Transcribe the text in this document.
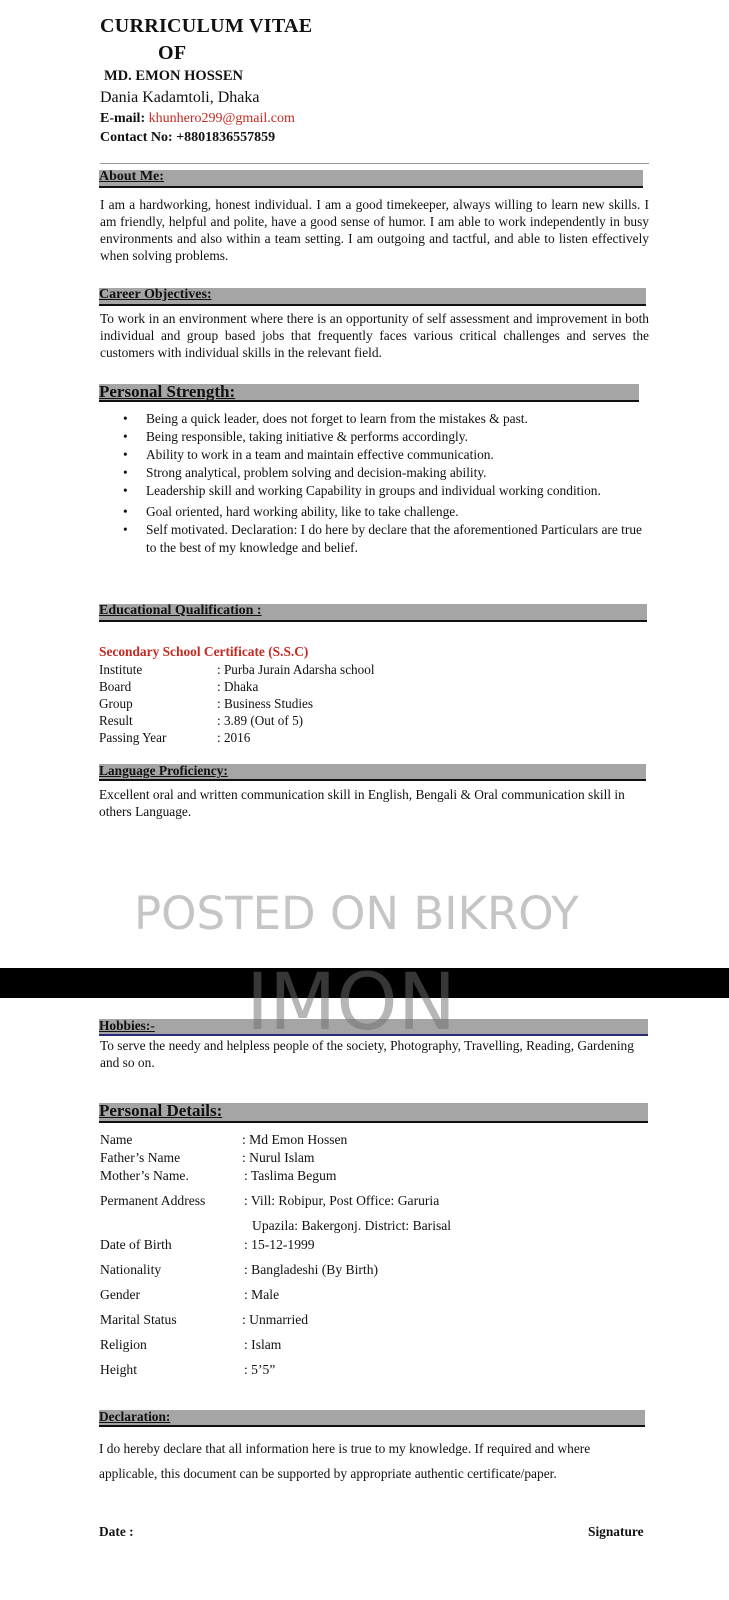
CURRICULUM VITAE
OF
MD. EMON HOSSEN
Dania Kadamtoli, Dhaka
E-mail: khunhero299@gmail.com
Contact No: +8801836557859
About Me:
I am a hardworking, honest individual. I am a good timekeeper, always willing to learn new skills. I am friendly, helpful and polite, have a good sense of humor. I am able to work independently in busy environments and also within a team setting. I am outgoing and tactful, and able to listen effectively when solving problems.
Career Objectives:
To work in an environment where there is an opportunity of self assessment and improvement in both individual and group based jobs that frequently faces various critical challenges and serves the customers with individual skills in the relevant field.
Personal Strength:
• Being a quick leader, does not forget to learn from the mistakes & past.
• Being responsible, taking initiative & performs accordingly.
• Ability to work in a team and maintain effective communication.
• Strong analytical, problem solving and decision-making ability.
• Leadership skill and working Capability in groups and individual working condition.
• Goal oriented, hard working ability, like to take challenge.
• Self motivated. Declaration: I do here by declare that the aforementioned Particulars are true to the best of my knowledge and belief.
Educational Qualification :
Secondary School Certificate (S.S.C)
Institute	: Purba Jurain Adarsha school
Board	: Dhaka
Group	: Business Studies
Result	: 3.89 (Out of 5)
Passing Year	: 2016
Language Proficiency:
Excellent oral and written communication skill in English, Bengali & Oral communication skill in others Language.
POSTED ON BIKROY
Hobbies:- IMON
To serve the needy and helpless people of the society, Photography, Travelling, Reading, Gardening and so on.
Personal Details:
Name	: Md Emon Hossen
Father’s Name	: Nurul Islam
Mother’s Name.	: Taslima Begum
Permanent Address	: Vill: Robipur, Post Office: Garuria
Upazila: Bakergonj. District: Barisal
Date of Birth	: 15-12-1999
Nationality	: Bangladeshi (By Birth)
Gender	: Male
Marital Status	: Unmarried
Religion	: Islam
Height	: 5’5”
Declaration:
I do hereby declare that all information here is true to my knowledge. If required and where applicable, this document can be supported by appropriate authentic certificate/paper.
Date :	Signature
